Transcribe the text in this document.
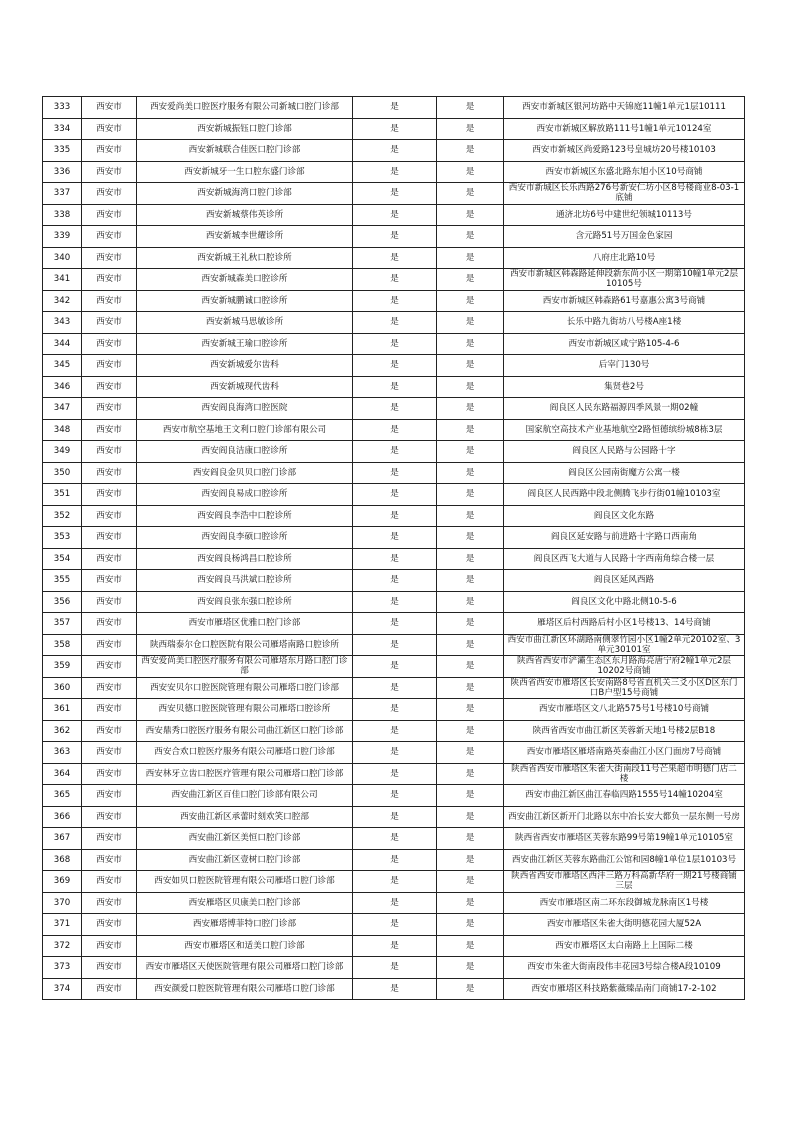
333	西安市	西安爱尚美口腔医疗服务有限公司新城口腔门诊部	是	是	西安市新城区银河坊路中天锦庭11幢1单元1层10111
334	西安市	西安新城振钰口腔门诊部	是	是	西安市新城区解放路111号1幢1单元10124室
335	西安市	西安新城联合佳医口腔门诊部	是	是	西安市新城区尚爱路123号皇城坊20号楼10103
336	西安市	西安新城牙一生口腔东盛门诊部	是	是	西安市新城区东盛北路东旭小区10号商铺
337	西安市	西安新城海湾口腔门诊部	是	是	西安市新城区长乐西路276号新安仁坊小区8号楼商业8-03-1底铺
338	西安市	西安新城蔡伟英诊所	是	是	通济北坊6号中建世纪领城10113号
339	西安市	西安新城李世耀诊所	是	是	含元路51号万国金色家园
340	西安市	西安新城王礼秋口腔诊所	是	是	八府庄北路10号
341	西安市	西安新城森美口腔诊所	是	是	西安市新城区韩森路延伸段新东尚小区一期第10幢1单元2层10105号
342	西安市	西安新城鹏诚口腔诊所	是	是	西安市新城区韩森路61号嘉惠公寓3号商铺
343	西安市	西安新城马思敏诊所	是	是	长乐中路九街坊八号楼A座1楼
344	西安市	西安新城王瑜口腔诊所	是	是	西安市新城区咸宁路105-4-6
345	西安市	西安新城爱尔齿科	是	是	后宰门130号
346	西安市	西安新城现代齿科	是	是	集贤巷2号
347	西安市	西安阎良海湾口腔医院	是	是	阎良区人民东路福源四季风景一期02幢
348	西安市	西安市航空基地王文利口腔门诊部有限公司	是	是	国家航空高技术产业基地航空2路恒德缤纷城8栋3层
349	西安市	西安阎良洁康口腔诊所	是	是	阎良区人民路与公园路十字
350	西安市	西安阎良金贝贝口腔门诊部	是	是	阎良区公园南街魔方公寓一楼
351	西安市	西安阎良易成口腔诊所	是	是	阎良区人民西路中段北侧腾飞步行街01幢10103室
352	西安市	西安阎良李浩中口腔诊所	是	是	阎良区文化东路
353	西安市	西安阎良李硕口腔诊所	是	是	阎良区延安路与前进路十字路口西南角
354	西安市	西安阎良杨鸿昌口腔诊所	是	是	阎良区西飞大道与人民路十字西南角综合楼一层
355	西安市	西安阎良马洪斌口腔诊所	是	是	阎良区延风西路
356	西安市	西安阎良张东强口腔诊所	是	是	阎良区文化中路北侧10-5-6
357	西安市	西安市雁塔区优雅口腔门诊部	是	是	雁塔区后村西路后村小区1号楼13、14号商铺
358	西安市	陕西瑞泰尔仓口腔医院有限公司雁塔南路口腔诊所	是	是	西安市曲江新区环湖路南侧翠竹园小区1幢2单元20102室、3单元30101室
359	西安市	西安爱尚美口腔医疗服务有限公司雁塔东月路口腔门诊部	是	是	陕西省西安市浐灞生态区东月路海亮唐宁府2幢1单元2层10202号商铺
360	西安市	西安安贝尔口腔医院管理有限公司雁塔口腔门诊部	是	是	陕西省西安市雁塔区长安南路8号省直机关三爻小区D区东门口B户型15号商铺
361	西安市	西安贝德口腔医院管理有限公司雁塔口腔诊所	是	是	西安市雁塔区文八北路575号1号楼10号商铺
362	西安市	西安鼎秀口腔医疗服务有限公司曲江新区口腔门诊部	是	是	陕西省西安市曲江新区芙蓉新天地1号楼2层B18
363	西安市	西安合欢口腔医疗服务有限公司雁塔口腔门诊部	是	是	西安市雁塔区雁塔南路英泰曲江小区门面房7号商铺
364	西安市	西安林牙立齿口腔医疗管理有限公司雁塔口腔门诊部	是	是	陕西省西安市雁塔区朱雀大街南段11号芒果超市明德门店二楼
365	西安市	西安曲江新区百佳口腔门诊部有限公司	是	是	西安市曲江新区曲江春临四路1555号14幢10204室
366	西安市	西安曲江新区承蕾时刻欢笑口腔部	是	是	西安曲江新区新开门北路以东中冶长安大都负一层东侧一号房
367	西安市	西安曲江新区美恒口腔门诊部	是	是	陕西省西安市雁塔区芙蓉东路99号第19幢1单元10105室
368	西安市	西安曲江新区壹树口腔门诊部	是	是	西安曲江新区芙蓉东路曲江公馆和园8幢1单位1层10103号
369	西安市	西安如贝口腔医院管理有限公司雁塔口腔门诊部	是	是	陕西省西安市雁塔区西沣三路万科高新华府一期21号楼商铺三层
370	西安市	西安雁塔区贝康美口腔门诊部	是	是	西安市雁塔区南二环东段御城龙脉南区1号楼
371	西安市	西安雁塔博菲特口腔门诊部	是	是	西安市雁塔区朱雀大街明德花园大厦52A
372	西安市	西安市雁塔区和适美口腔门诊部	是	是	西安市雁塔区太白南路上上国际二楼
373	西安市	西安市雁塔区天使医院管理有限公司雁塔口腔门诊部	是	是	西安市朱雀大街南段伟丰花园3号综合楼A段10109
374	西安市	西安颜爱口腔医院管理有限公司雁塔口腔门诊部	是	是	西安市雁塔区科技路紫薇臻品南门商铺17-2-102
